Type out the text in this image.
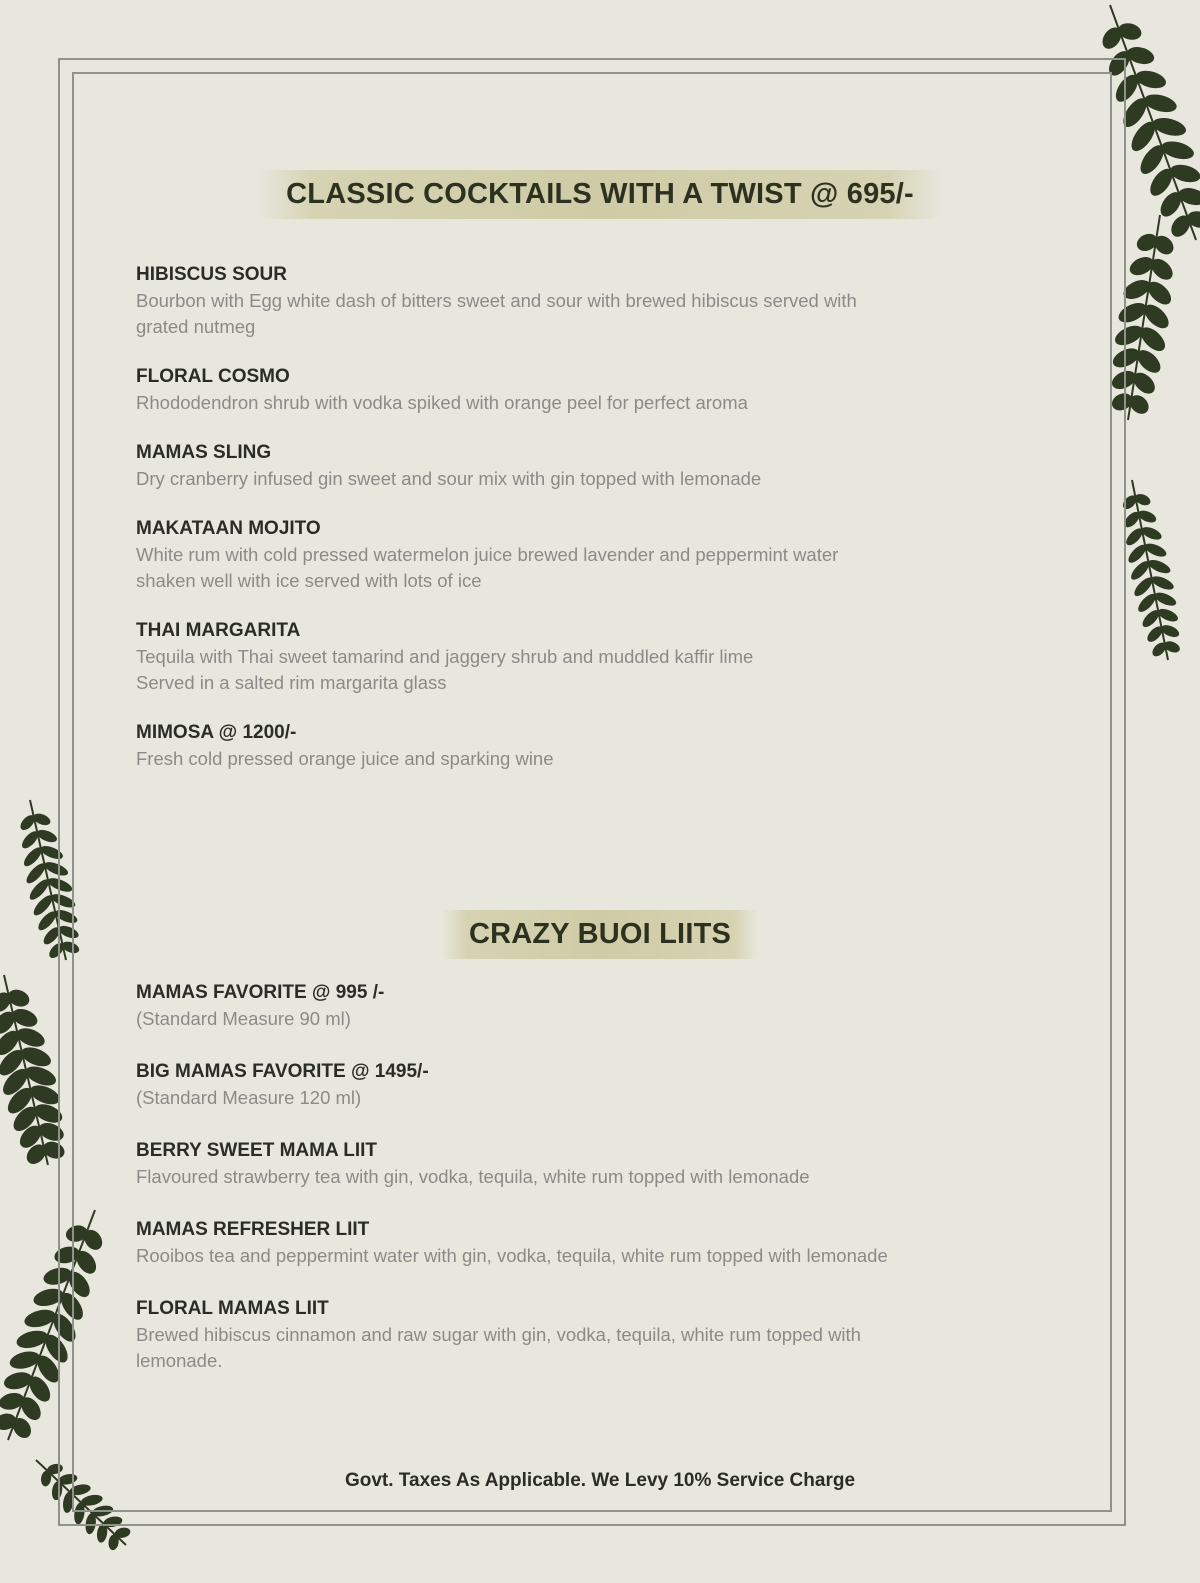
CLASSIC COCKTAILS WITH A TWIST @ 695/-
HIBISCUS SOUR
Bourbon with Egg white dash of bitters sweet and sour with brewed hibiscus served with
grated nutmeg
FLORAL COSMO
Rhododendron shrub with vodka spiked with orange peel for perfect aroma
MAMAS SLING
Dry cranberry infused gin sweet and sour mix with gin topped with lemonade
MAKATAAN MOJITO
White rum with cold pressed watermelon juice brewed lavender and peppermint water
shaken well with ice served with lots of ice
THAI MARGARITA
Tequila with Thai sweet tamarind and jaggery shrub and muddled kaffir lime
Served in a salted rim margarita glass
MIMOSA @ 1200/-
Fresh cold pressed orange juice and sparking wine
CRAZY BUOI LIITS
MAMAS FAVORITE @ 995 /-
(Standard Measure 90 ml)
BIG MAMAS FAVORITE @ 1495/-
(Standard Measure 120 ml)
BERRY SWEET MAMA LIIT
Flavoured strawberry tea with gin, vodka, tequila, white rum topped with lemonade
MAMAS REFRESHER LIIT
Rooibos tea and peppermint water with gin, vodka, tequila, white rum topped with lemonade
FLORAL MAMAS LIIT
Brewed hibiscus cinnamon and raw sugar with gin, vodka, tequila, white rum topped with
lemonade.
Govt. Taxes As Applicable. We Levy 10% Service Charge
